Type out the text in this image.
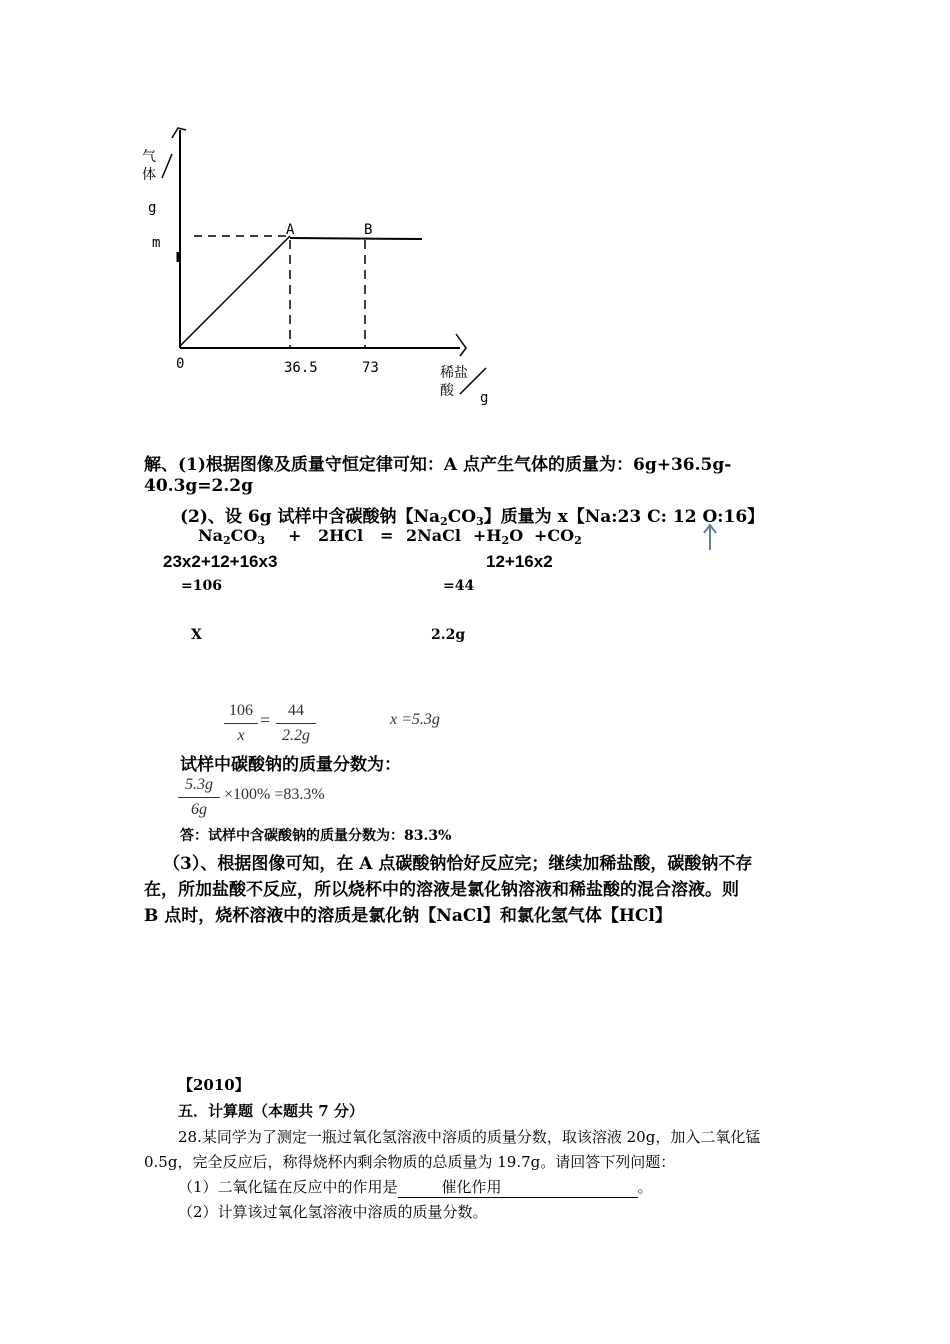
气
体
g
m
0	36.5	73
A	B
稀盐
酸 g
解、(1)根据图像及质量守恒定律可知：A 点产生气体的质量为：6g+36.5g-
40.3g=2.2g
(2)、设 6g 试样中含碳酸钠【$Na_2CO_3$】质量为 x【Na:23 C: 12 O:16】
$Na_2CO_3 + 2HCl$ = 2NaCl $+H_2O +CO_2$
23x2+12+16x3	12+16x2
=106	=44
X	2.2g
106
x
=	44
2.2g
x =5.3g
试样中碳酸钠的质量分数为：
5.3g
6g
×100% =83.3%
答：试样中含碳酸钠的质量分数为：83.3%
（3）、根据图像可知，在 A 点碳酸钠恰好反应完；继续加稀盐酸，碳酸钠不存
在，所加盐酸不反应，所以烧杯中的溶液是氯化钠溶液和稀盐酸的混合溶液。则
B 点时，烧杯溶液中的溶质是氯化钠【NaCl】和氯化氢气体【HCl】
【2010】
五．计算题（本题共 7 分）
28.某同学为了测定一瓶过氧化氢溶液中溶质的质量分数，取该溶液 20g，加入二氧化锰
0.5g，完全反应后，称得烧杯内剩余物质的总质量为 19.7g。请回答下列问题：
（1）二氧化锰在反应中的作用是	催化作用	。
（2）计算该过氧化氢溶液中溶质的质量分数。
